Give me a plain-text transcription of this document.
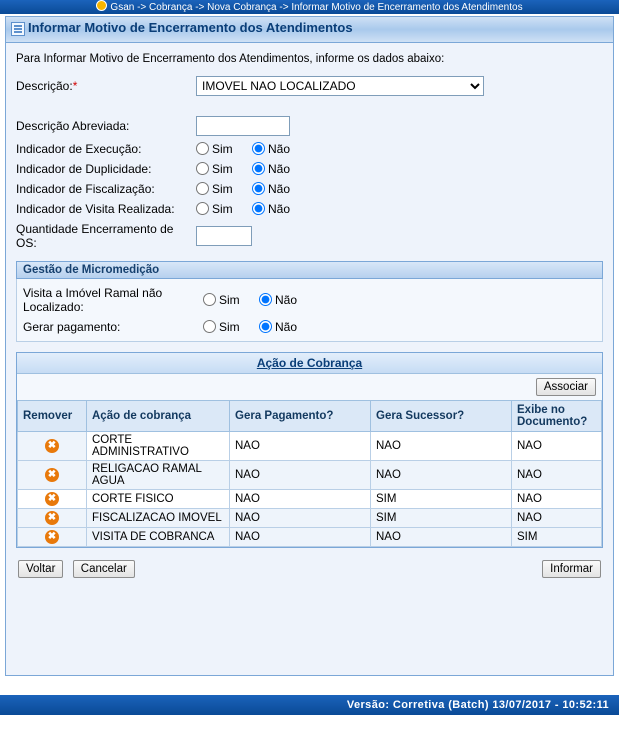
Gsan -> Cobrança -> Nova Cobrança -> Informar Motivo de Encerramento dos Atendimentos
Informar Motivo de Encerramento dos Atendimentos
Para Informar Motivo de Encerramento dos Atendimentos, informe os dados abaixo:
Descrição:*	
IMOVEL NAO LOCALIZADO

Descrição Abreviada:	
Indicador de Execução:	Sim Não
Indicador de Duplicidade:	Sim Não
Indicador de Fiscalização:	Sim Não
Indicador de Visita Realizada:	Sim Não
Quantidade Encerramento de OS:	
Gestão de Micromedição
Visita a Imóvel Ramal não Localizado:	Sim Não
Gerar pagamento:	Sim Não
Ação de Cobrança
Associar
Remover	Ação de cobrança	Gera Pagamento?	Gera Sucessor?	Exibe no Documento?
✖	CORTE ADMINISTRATIVO	NAO	NAO	NAO
✖	RELIGACAO RAMAL AGUA	NAO	NAO	NAO
✖	CORTE FISICO	NAO	SIM	NAO
✖	FISCALIZACAO IMOVEL	NAO	SIM	NAO
✖	VISITA DE COBRANCA	NAO	NAO	SIM
Voltar Cancelar	Informar
Versão: Corretiva (Batch) 13/07/2017 - 10:52:11
